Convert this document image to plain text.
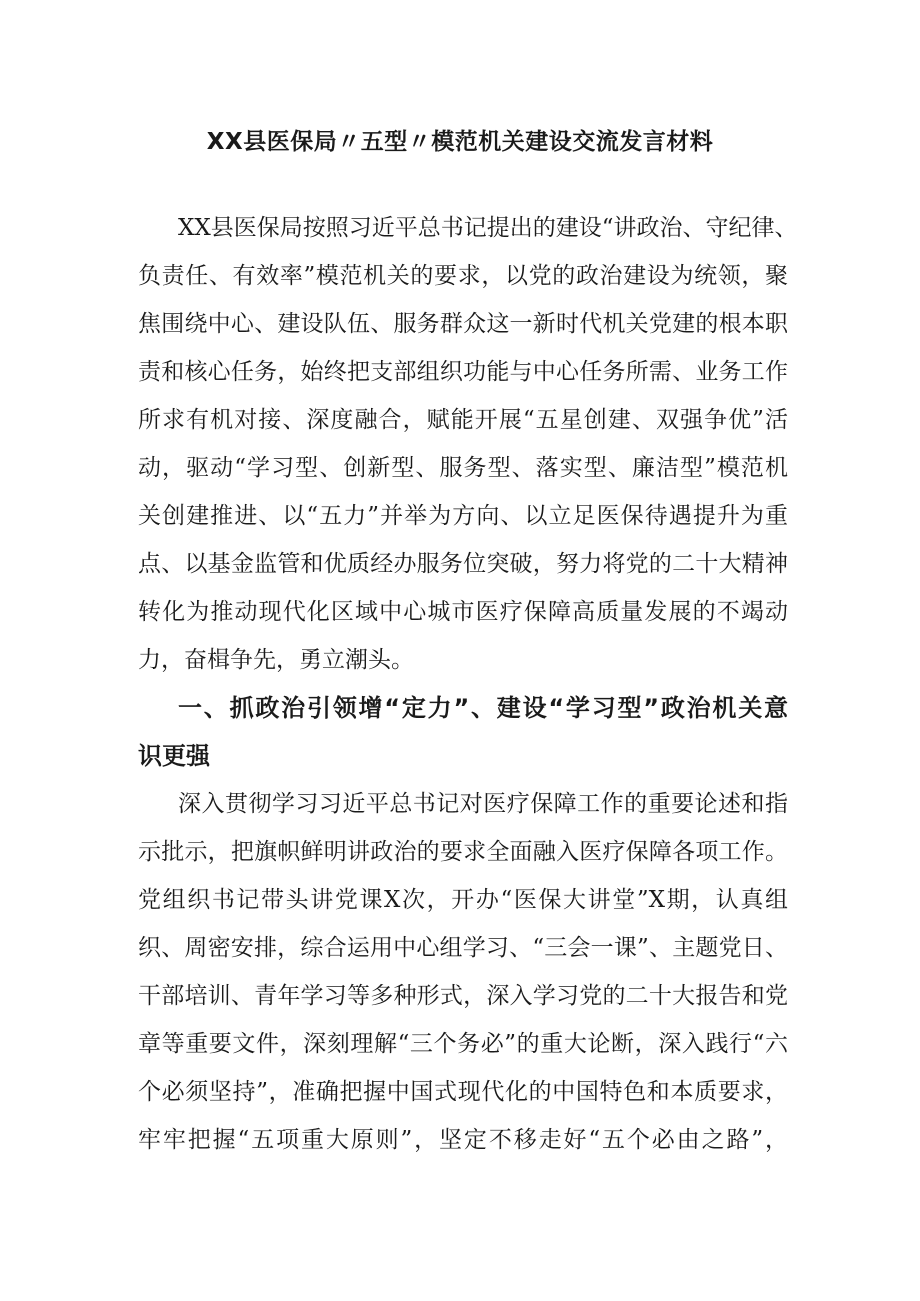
XX县医保局〃五型〃模范机关建设交流发言材料
XX县医保局按照习近平总书记提出的建设“讲政治、守纪律、
负责任、有效率”模范机关的要求，以党的政治建设为统领，聚
焦围绕中心、建设队伍、服务群众这一新时代机关党建的根本职
责和核心任务，始终把支部组织功能与中心任务所需、业务工作
所求有机对接、深度融合，赋能开展“五星创建、双强争优”活
动，驱动“学习型、创新型、服务型、落实型、廉洁型”模范机
关创建推进、以“五力”并举为方向、以立足医保待遇提升为重
点、以基金监管和优质经办服务位突破，努力将党的二十大精神
转化为推动现代化区域中心城市医疗保障高质量发展的不竭动
力，奋楫争先，勇立潮头。
一、抓政治引领增“定力”、建设“学习型”政治机关意
识更强
深入贯彻学习习近平总书记对医疗保障工作的重要论述和指
示批示，把旗帜鲜明讲政治的要求全面融入医疗保障各项工作。
党组织书记带头讲党课X次，开办“医保大讲堂”X期，认真组
织、周密安排，综合运用中心组学习、“三会一课”、主题党日、
干部培训、青年学习等多种形式，深入学习党的二十大报告和党
章等重要文件，深刻理解“三个务必”的重大论断，深入践行“六
个必须坚持”，准确把握中国式现代化的中国特色和本质要求，
牢牢把握“五项重大原则”，坚定不移走好“五个必由之路”，
